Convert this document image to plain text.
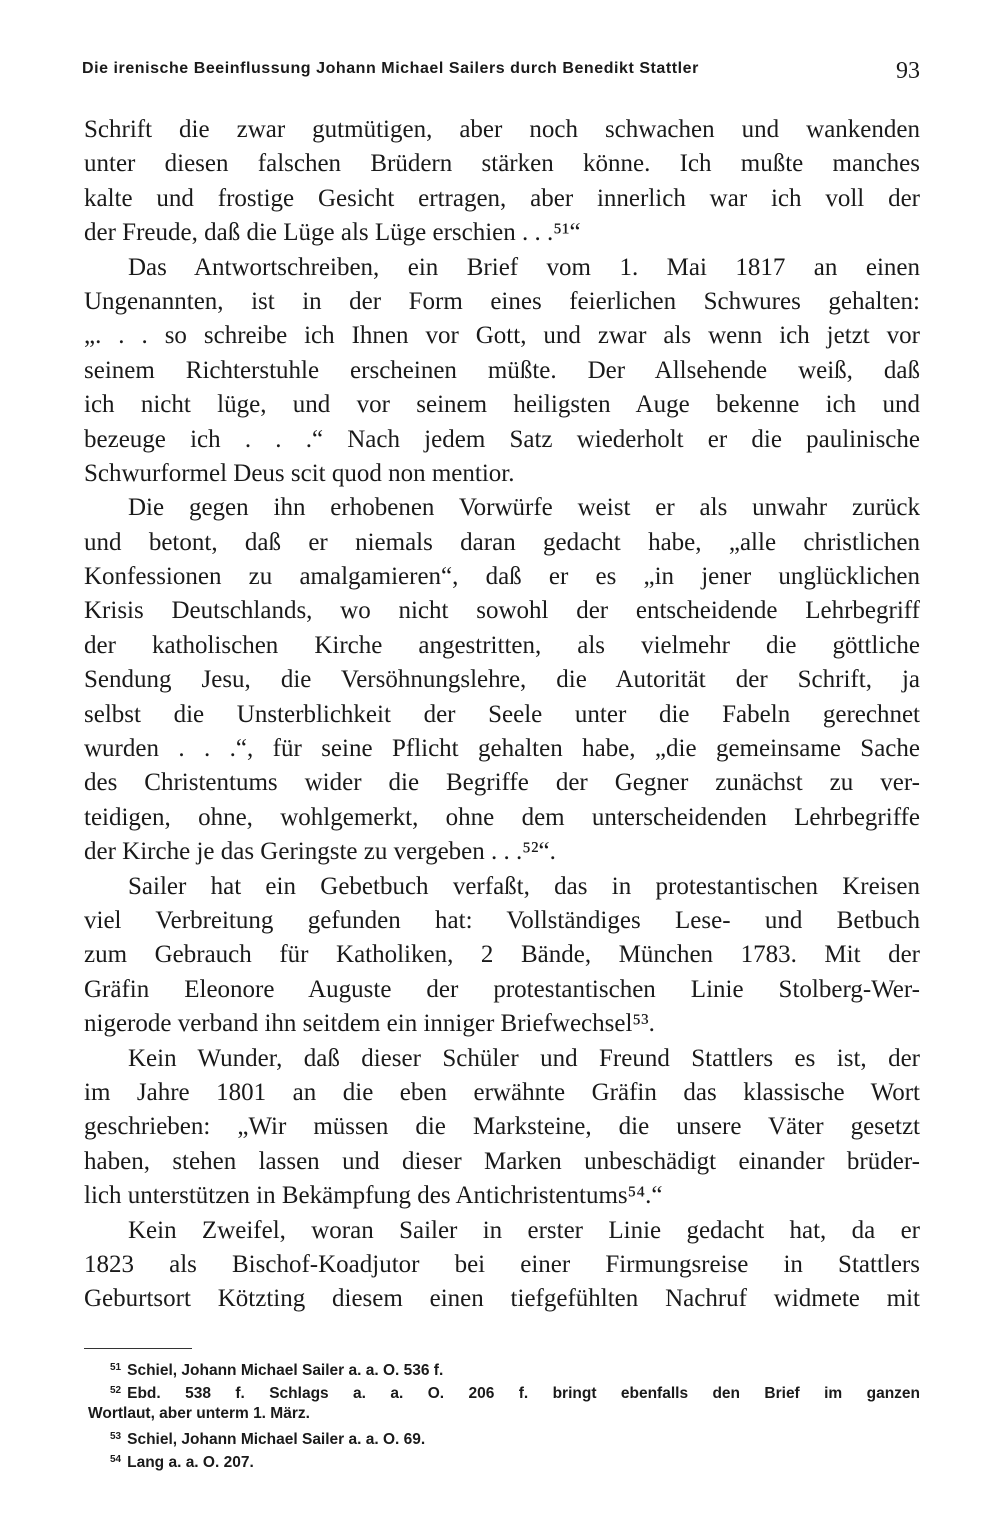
Die irenische Beeinflussung Johann Michael Sailers durch Benedikt Stattler	93
Schrift die zwar gutmütigen, aber noch schwachen und wankenden
unter diesen falschen Brüdern stärken könne. Ich mußte manches
kalte und frostige Gesicht ertragen, aber innerlich war ich voll der
der Freude, daß die Lüge als Lüge erschien . . .⁵¹“
Das Antwortschreiben, ein Brief vom 1. Mai 1817 an einen
Ungenannten, ist in der Form eines feierlichen Schwures gehalten:
„. . . so schreibe ich Ihnen vor Gott, und zwar als wenn ich jetzt vor
seinem Richterstuhle erscheinen müßte. Der Allsehende weiß, daß
ich nicht lüge, und vor seinem heiligsten Auge bekenne ich und
bezeuge ich . . .“ Nach jedem Satz wiederholt er die paulinische
Schwurformel Deus scit quod non mentior.
Die gegen ihn erhobenen Vorwürfe weist er als unwahr zurück
und betont, daß er niemals daran gedacht habe, „alle christlichen
Konfessionen zu amalgamieren“, daß er es „in jener unglücklichen
Krisis Deutschlands, wo nicht sowohl der entscheidende Lehrbegriff
der katholischen Kirche angestritten, als vielmehr die göttliche
Sendung Jesu, die Versöhnungslehre, die Autorität der Schrift, ja
selbst die Unsterblichkeit der Seele unter die Fabeln gerechnet
wurden . . .“, für seine Pflicht gehalten habe, „die gemeinsame Sache
des Christentums wider die Begriffe der Gegner zunächst zu ver-
teidigen, ohne, wohlgemerkt, ohne dem unterscheidenden Lehrbegriffe
der Kirche je das Geringste zu vergeben . . .⁵²“.
Sailer hat ein Gebetbuch verfaßt, das in protestantischen Kreisen
viel Verbreitung gefunden hat: Vollständiges Lese- und Betbuch
zum Gebrauch für Katholiken, 2 Bände, München 1783. Mit der
Gräfin Eleonore Auguste der protestantischen Linie Stolberg-Wer-
nigerode verband ihn seitdem ein inniger Briefwechsel⁵³.
Kein Wunder, daß dieser Schüler und Freund Stattlers es ist, der
im Jahre 1801 an die eben erwähnte Gräfin das klassische Wort
geschrieben: „Wir müssen die Marksteine, die unsere Väter gesetzt
haben, stehen lassen und dieser Marken unbeschädigt einander brüder-
lich unterstützen in Bekämpfung des Antichristentums⁵⁴.“
Kein Zweifel, woran Sailer in erster Linie gedacht hat, da er
1823 als Bischof-Koadjutor bei einer Firmungsreise in Stattlers
Geburtsort Kötzting diesem einen tiefgefühlten Nachruf widmete mit
$^{51}$ Schiel, Johann Michael Sailer a. a. O. 536 f.
$^{52}$ Ebd. 538 f. Schlags a. a. O. 206 f. bringt ebenfalls den Brief im ganzen
Wortlaut, aber unterm 1. März.
$^{53}$ Schiel, Johann Michael Sailer a. a. O. 69.
$^{54}$ Lang a. a. O. 207.
